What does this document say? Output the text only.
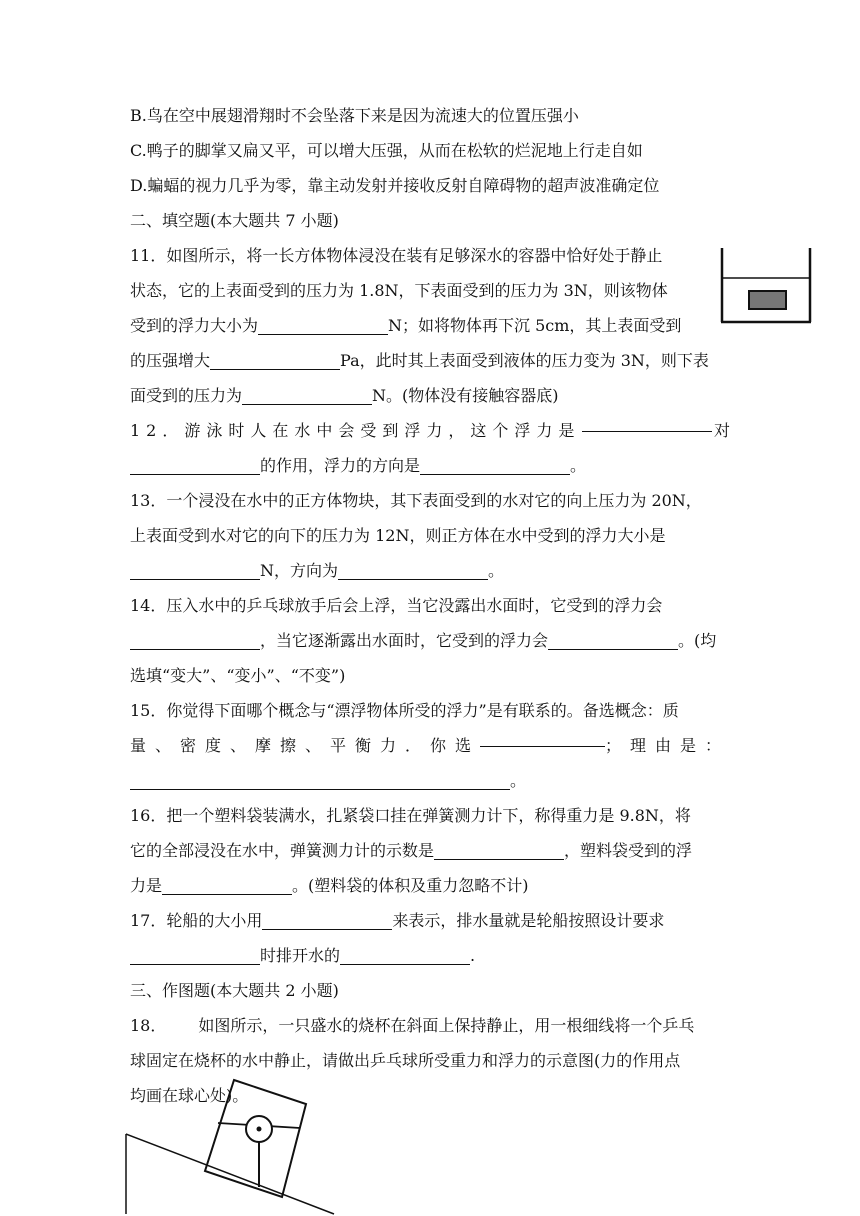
B.鸟在空中展翅滑翔时不会坠落下来是因为流速大的位置压强小
C.鸭子的脚掌又扁又平，可以增大压强，从而在松软的烂泥地上行走自如
D.蝙蝠的视力几乎为零，靠主动发射并接收反射自障碍物的超声波准确定位
二、填空题(本大题共 7 小题)
11．如图所示，将一长方体物体浸没在装有足够深水的容器中恰好处于静止
状态，它的上表面受到的压力为 1.8N，下表面受到的压力为 3N，则该物体
受到的浮力大小为	N；如将物体再下沉 5cm，其上表面受到
的压强增大	Pa，此时其上表面受到液体的压力变为 3N，则下表
面受到的压力为	N。(物体没有接触容器底)
12．游泳时人在水中会受到浮力，这个浮力是	对
的作用，浮力的方向是	。
13．一个浸没在水中的正方体物块，其下表面受到的水对它的向上压力为 20N，
上表面受到水对它的向下的压力为 12N，则正方体在水中受到的浮力大小是
N，方向为	。
14．压入水中的乒乓球放手后会上浮，当它没露出水面时，它受到的浮力会
，当它逐渐露出水面时，它受到的浮力会	。(均
选填“变大”、“变小”、“不变”)
15．你觉得下面哪个概念与“漂浮物体所受的浮力”是有联系的。备选概念：质
量、密度、摩擦、平衡力．你选	；理由是：
。
16．把一个塑料袋装满水，扎紧袋口挂在弹簧测力计下，称得重力是 9.8N，将
它的全部浸没在水中，弹簧测力计的示数是	，塑料袋受到的浮
力是	。(塑料袋的体积及重力忽略不计)
17．轮船的大小用	来表示，排水量就是轮船按照设计要求
时排开水的	.
三、作图题(本大题共 2 小题)
18． 如图所示，一只盛水的烧杯在斜面上保持静止，用一根细线将一个乒乓
球固定在烧杯的水中静止，请做出乒乓球所受重力和浮力的示意图(力的作用点
均画在球心处)。
